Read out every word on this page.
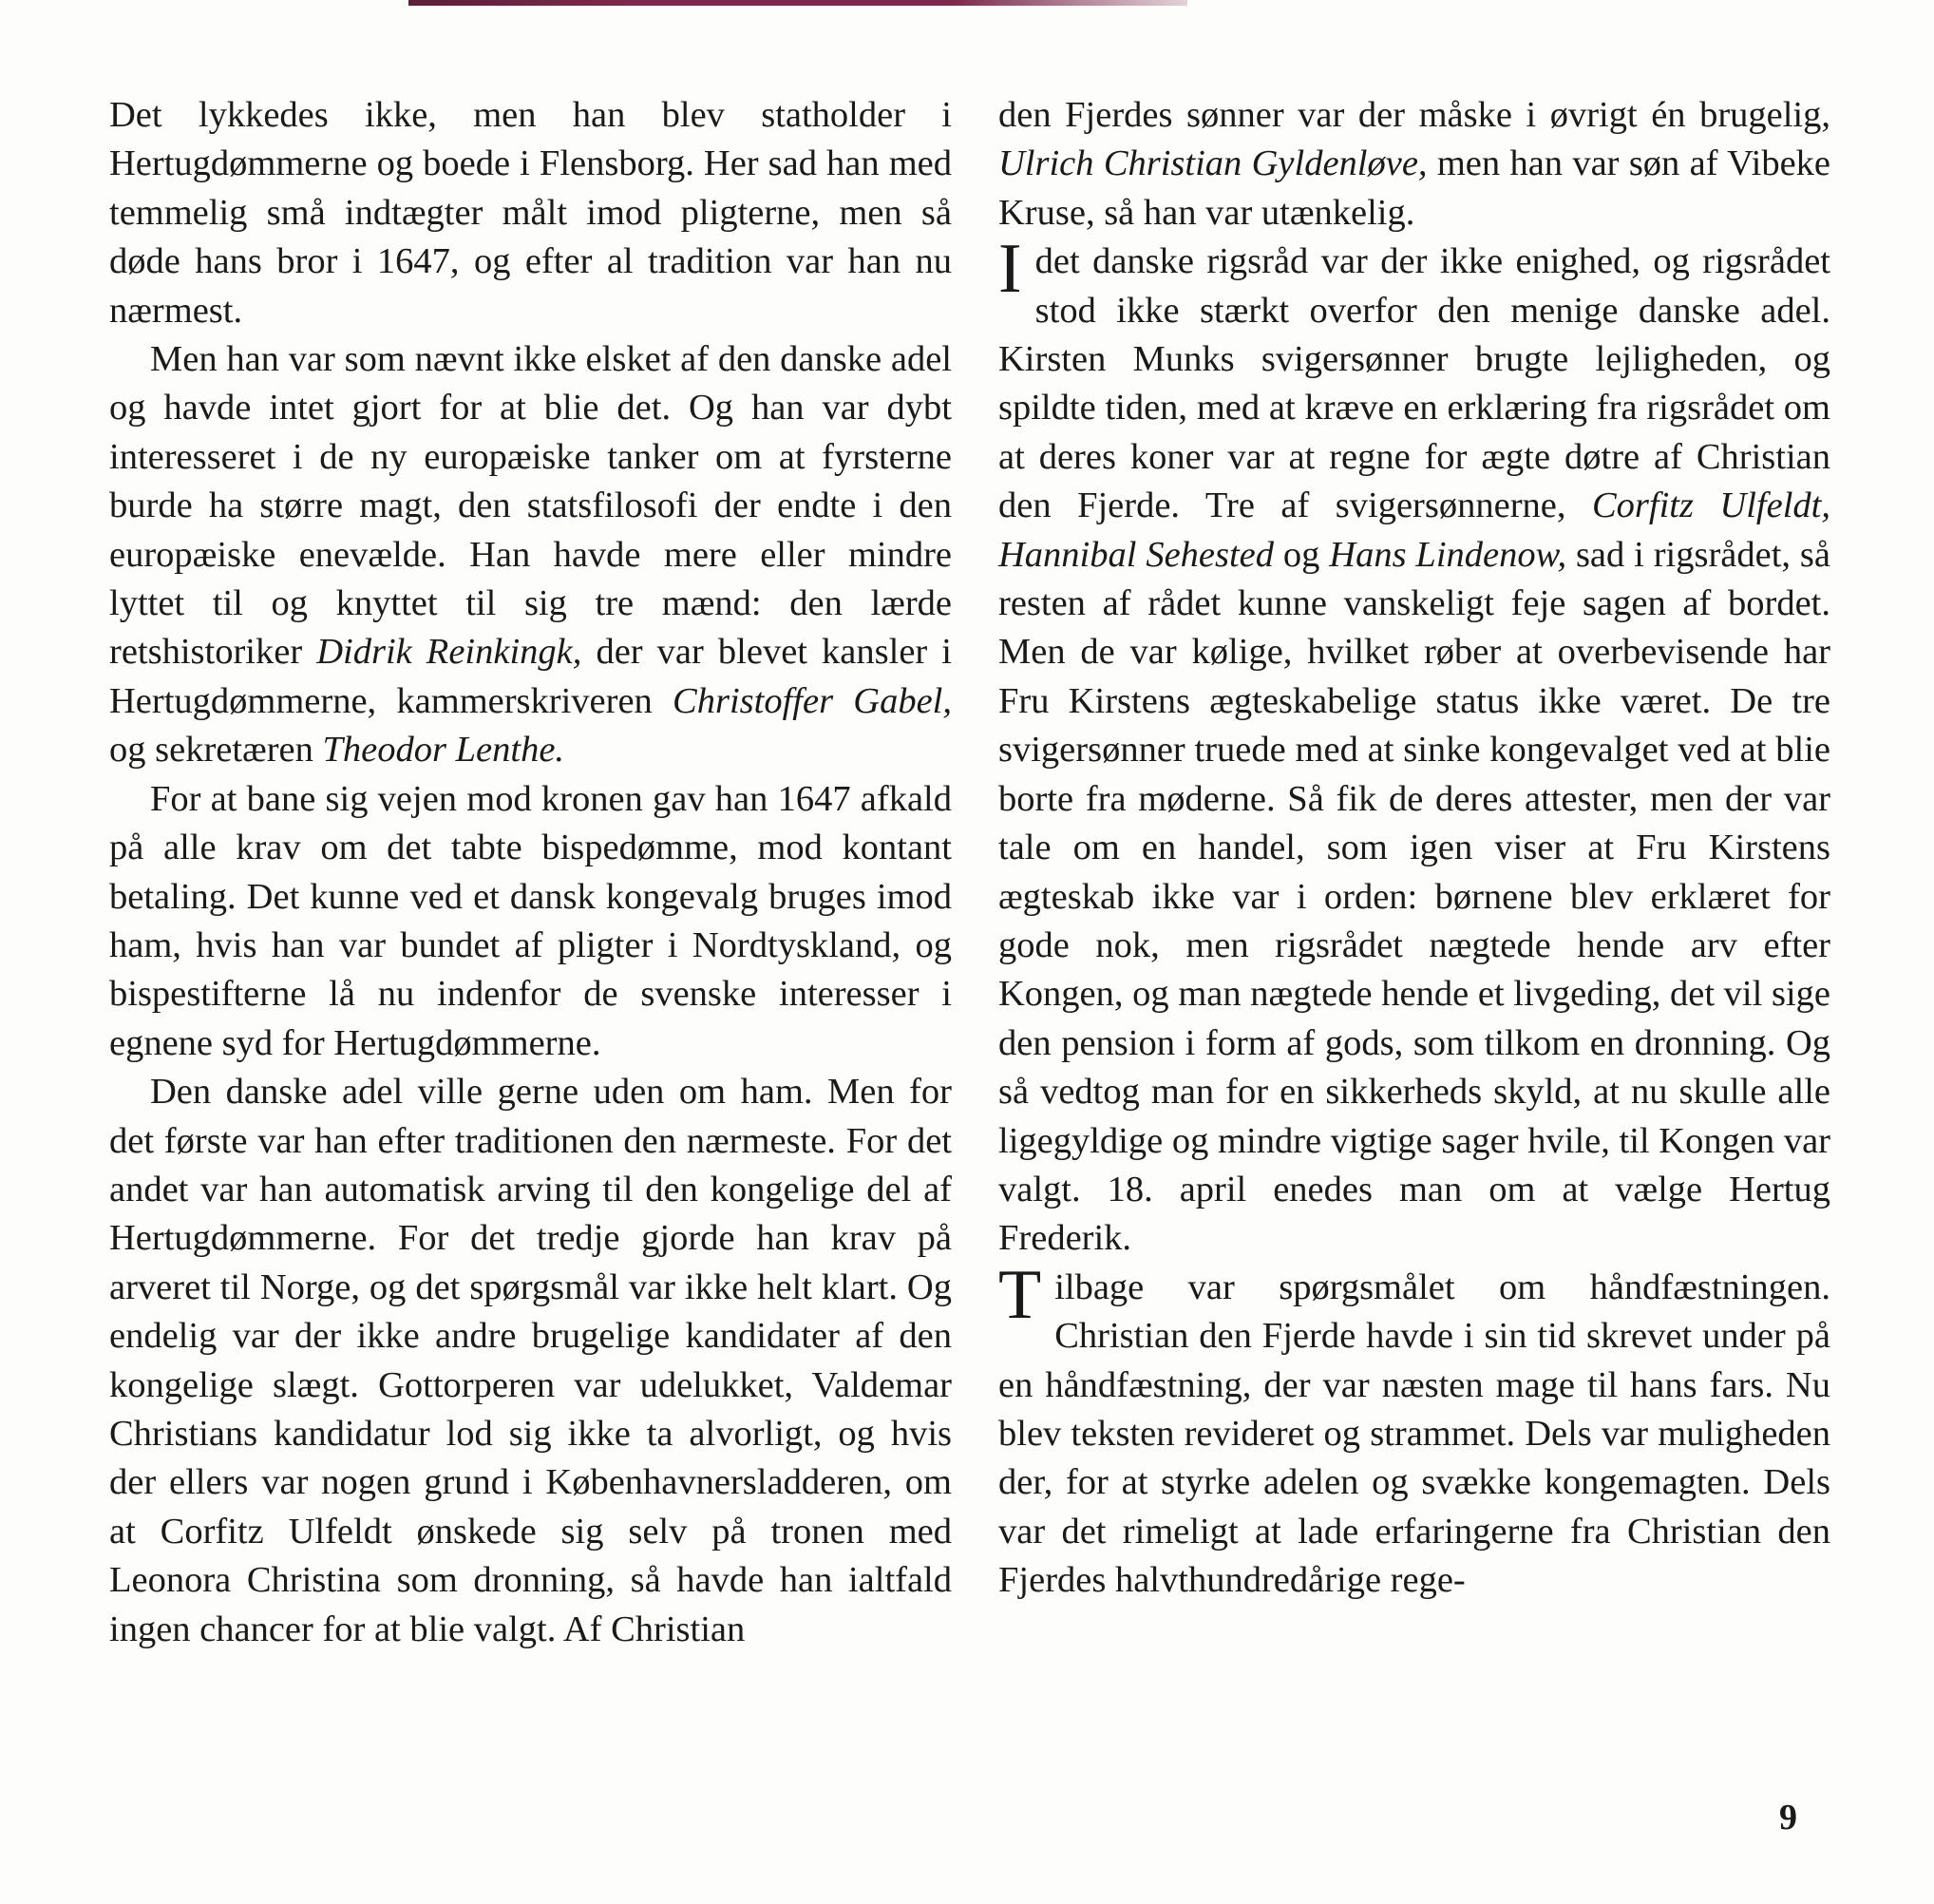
Det lykkedes ikke, men han blev statholder i Hertugdømmerne og boede i Flensborg. Her sad han med temmelig små indtægter målt imod pligterne, men så døde hans bror i 1647, og efter al tradition var han nu nærmest.

Men han var som nævnt ikke elsket af den danske adel og havde intet gjort for at blie det. Og han var dybt interesseret i de ny europæiske tanker om at fyrsterne burde ha større magt, den statsfilosofi der endte i den europæiske enevælde. Han havde mere eller mindre lyttet til og knyttet til sig tre mænd: den lærde retshistoriker Didrik Reinkingk, der var blevet kansler i Hertugdømmerne, kammerskriveren Christoffer Gabel, og sekretæren Theodor Lenthe.

For at bane sig vejen mod kronen gav han 1647 afkald på alle krav om det tabte bispedømme, mod kontant betaling. Det kunne ved et dansk kongevalg bruges imod ham, hvis han var bundet af pligter i Nordtyskland, og bispestifterne lå nu indenfor de svenske interesser i egnene syd for Hertugdømmerne.

Den danske adel ville gerne uden om ham. Men for det første var han efter traditionen den nærmeste. For det andet var han automatisk arving til den kongelige del af Hertugdømmerne. For det tredje gjorde han krav på arveret til Norge, og det spørgsmål var ikke helt klart. Og endelig var der ikke andre brugelige kandidater af den kongelige slægt. Gottorperen var udelukket, Valdemar Christians kandidatur lod sig ikke ta alvorligt, og hvis der ellers var nogen grund i Københavnersladderen, om at Corfitz Ulfeldt ønskede sig selv på tronen med Leonora Christina som dronning, så havde han ialtfald ingen chancer for at blie valgt. Af Christian

den Fjerdes sønner var der måske i øvrigt én brugelig, Ulrich Christian Gyldenløve, men han var søn af Vibeke Kruse, så han var utænkelig.

I det danske rigsråd var der ikke enighed, og rigsrådet stod ikke stærkt overfor den menige danske adel. Kirsten Munks svigersønner brugte lejligheden, og spildte tiden, med at kræve en erklæring fra rigsrådet om at deres koner var at regne for ægte døtre af Christian den Fjerde. Tre af svigersønnerne, Corfitz Ulfeldt, Hannibal Sehested og Hans Lindenow, sad i rigsrådet, så resten af rådet kunne vanskeligt feje sagen af bordet. Men de var kølige, hvilket røber at overbevisende har Fru Kirstens ægteskabelige status ikke været. De tre svigersønner truede med at sinke kongevalget ved at blie borte fra møderne. Så fik de deres attester, men der var tale om en handel, som igen viser at Fru Kirstens ægteskab ikke var i orden: børnene blev erklæret for gode nok, men rigsrådet nægtede hende arv efter Kongen, og man nægtede hende et livgeding, det vil sige den pension i form af gods, som tilkom en dronning. Og så vedtog man for en sikkerheds skyld, at nu skulle alle ligegyldige og mindre vigtige sager hvile, til Kongen var valgt. 18. april enedes man om at vælge Hertug Frederik.

Tilbage var spørgsmålet om håndfæstningen. Christian den Fjerde havde i sin tid skrevet under på en håndfæstning, der var næsten mage til hans fars. Nu blev teksten revideret og strammet. Dels var muligheden der, for at styrke adelen og svække kongemagten. Dels var det rimeligt at lade erfaringerne fra Christian den Fjerdes halvthundredårige rege-

9
